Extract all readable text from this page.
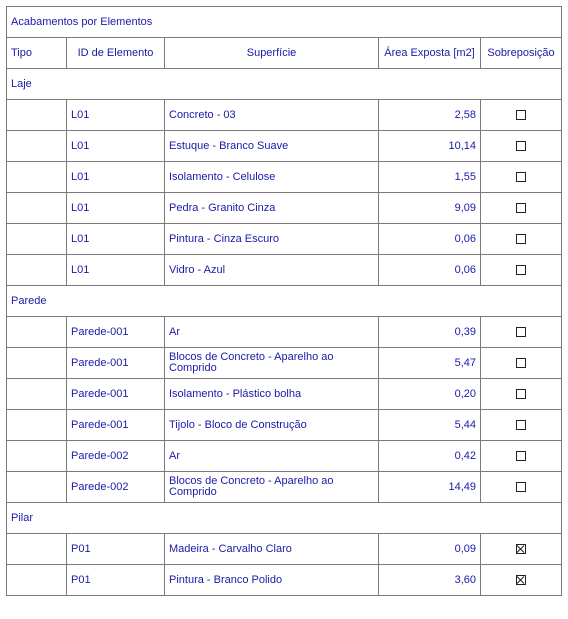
Acabamentos por Elementos				
Tipo	ID de Elemento	Superfície	Área Exposta [m2]	Sobreposição
Laje				
	L01	Concreto - 03	2,58	
	L01	Estuque - Branco Suave	10,14	
	L01	Isolamento - Celulose	1,55	
	L01	Pedra - Granito Cinza	9,09	
	L01	Pintura - Cinza Escuro	0,06	
	L01	Vidro - Azul	0,06	
Parede				
	Parede-001	Ar	0,39	
	Parede-001	Blocos de Concreto - Aparelho ao Comprido	5,47	
	Parede-001	Isolamento - Plástico bolha	0,20	
	Parede-001	Tijolo - Bloco de Construção	5,44	
	Parede-002	Ar	0,42	
	Parede-002	Blocos de Concreto - Aparelho ao Comprido	14,49	
Pilar				
	P01	Madeira - Carvalho Claro	0,09	
	P01	Pintura - Branco Polido	3,60	
